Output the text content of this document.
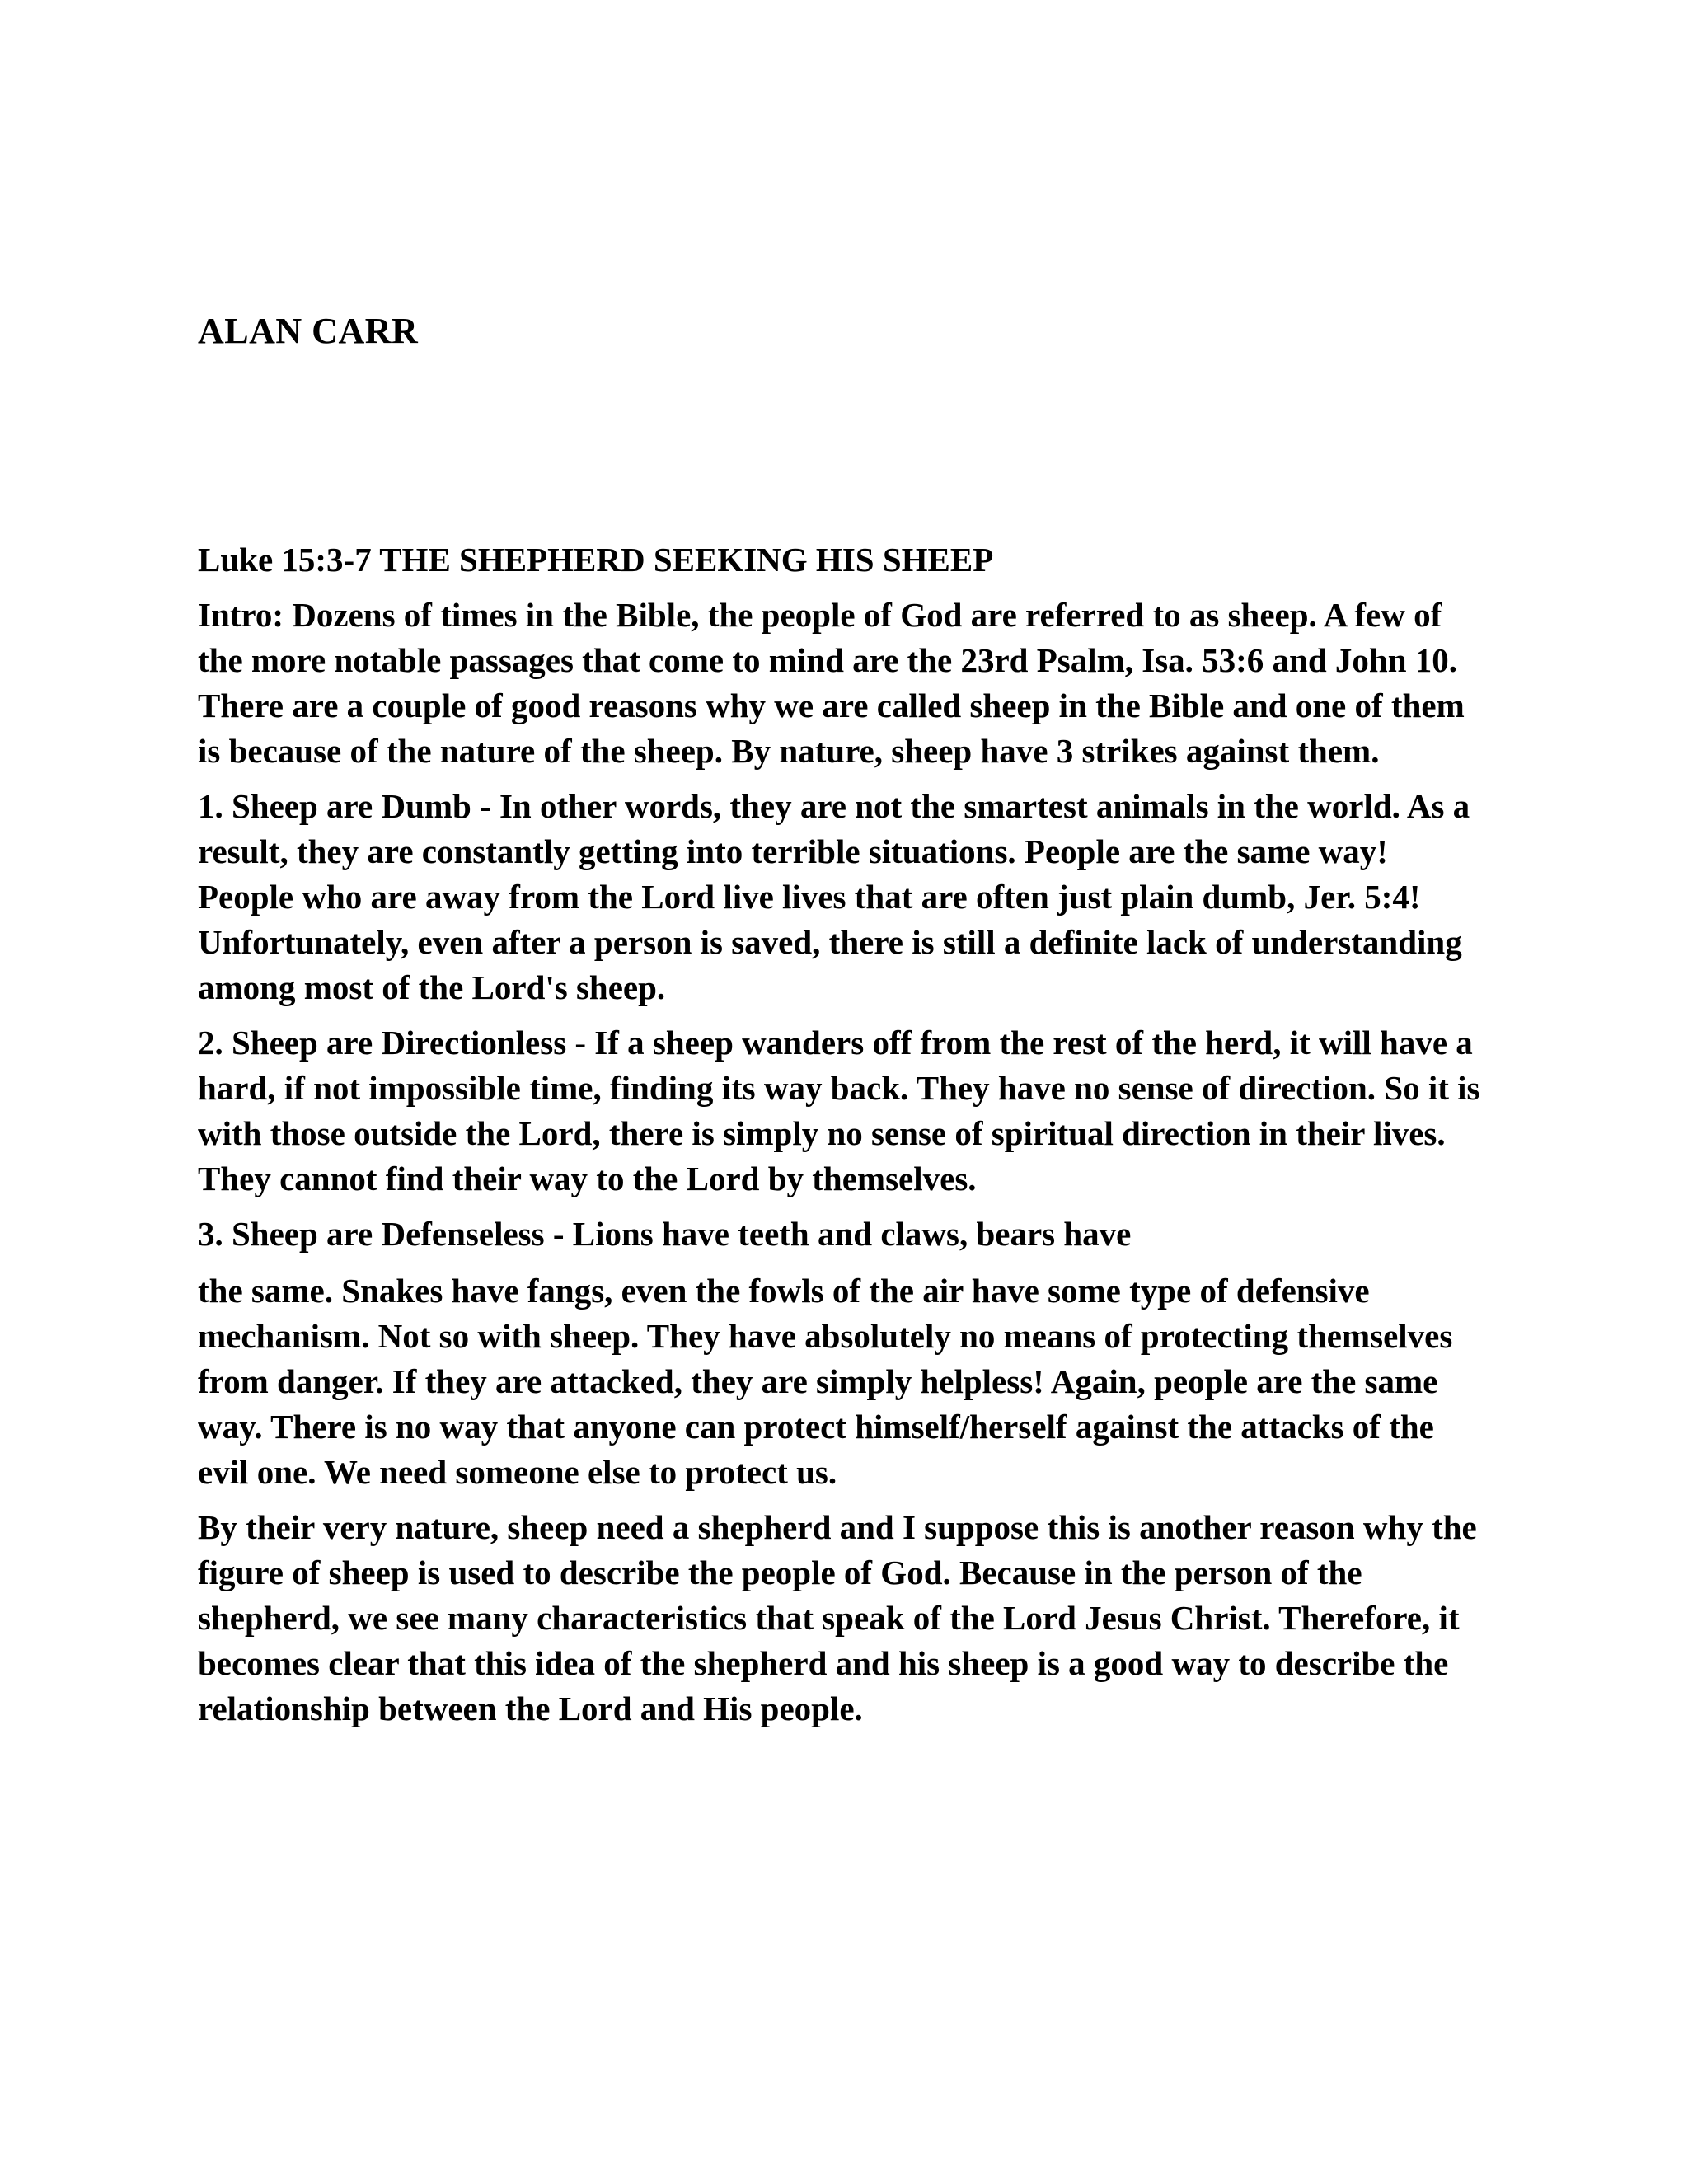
ALAN CARR

Luke 15:3-7 THE SHEPHERD SEEKING HIS SHEEP

Intro: Dozens of times in the Bible, the people of God are referred to as sheep. A few of the more notable passages that come to mind are the 23rd Psalm, Isa. 53:6 and John 10. There are a couple of good reasons why we are called sheep in the Bible and one of them is because of the nature of the sheep. By nature, sheep have 3 strikes against them.

1. Sheep are Dumb - In other words, they are not the smartest animals in the world. As a result, they are constantly getting into terrible situations. People are the same way! People who are away from the Lord live lives that are often just plain dumb, Jer. 5:4! Unfortunately, even after a person is saved, there is still a definite lack of understanding among most of the Lord's sheep.

2. Sheep are Directionless - If a sheep wanders off from the rest of the herd, it will have a hard, if not impossible time, finding its way back. They have no sense of direction. So it is with those outside the Lord, there is simply no sense of spiritual direction in their lives. They cannot find their way to the Lord by themselves.

3. Sheep are Defenseless - Lions have teeth and claws, bears have

the same. Snakes have fangs, even the fowls of the air have some type of defensive mechanism. Not so with sheep. They have absolutely no means of protecting themselves from danger. If they are attacked, they are simply helpless! Again, people are the same way. There is no way that anyone can protect himself/herself against the attacks of the evil one. We need someone else to protect us.

By their very nature, sheep need a shepherd and I suppose this is another reason why the figure of sheep is used to describe the people of God. Because in the person of the shepherd, we see many characteristics that speak of the Lord Jesus Christ. Therefore, it becomes clear that this idea of the shepherd and his sheep is a good way to describe the relationship between the Lord and His people.
